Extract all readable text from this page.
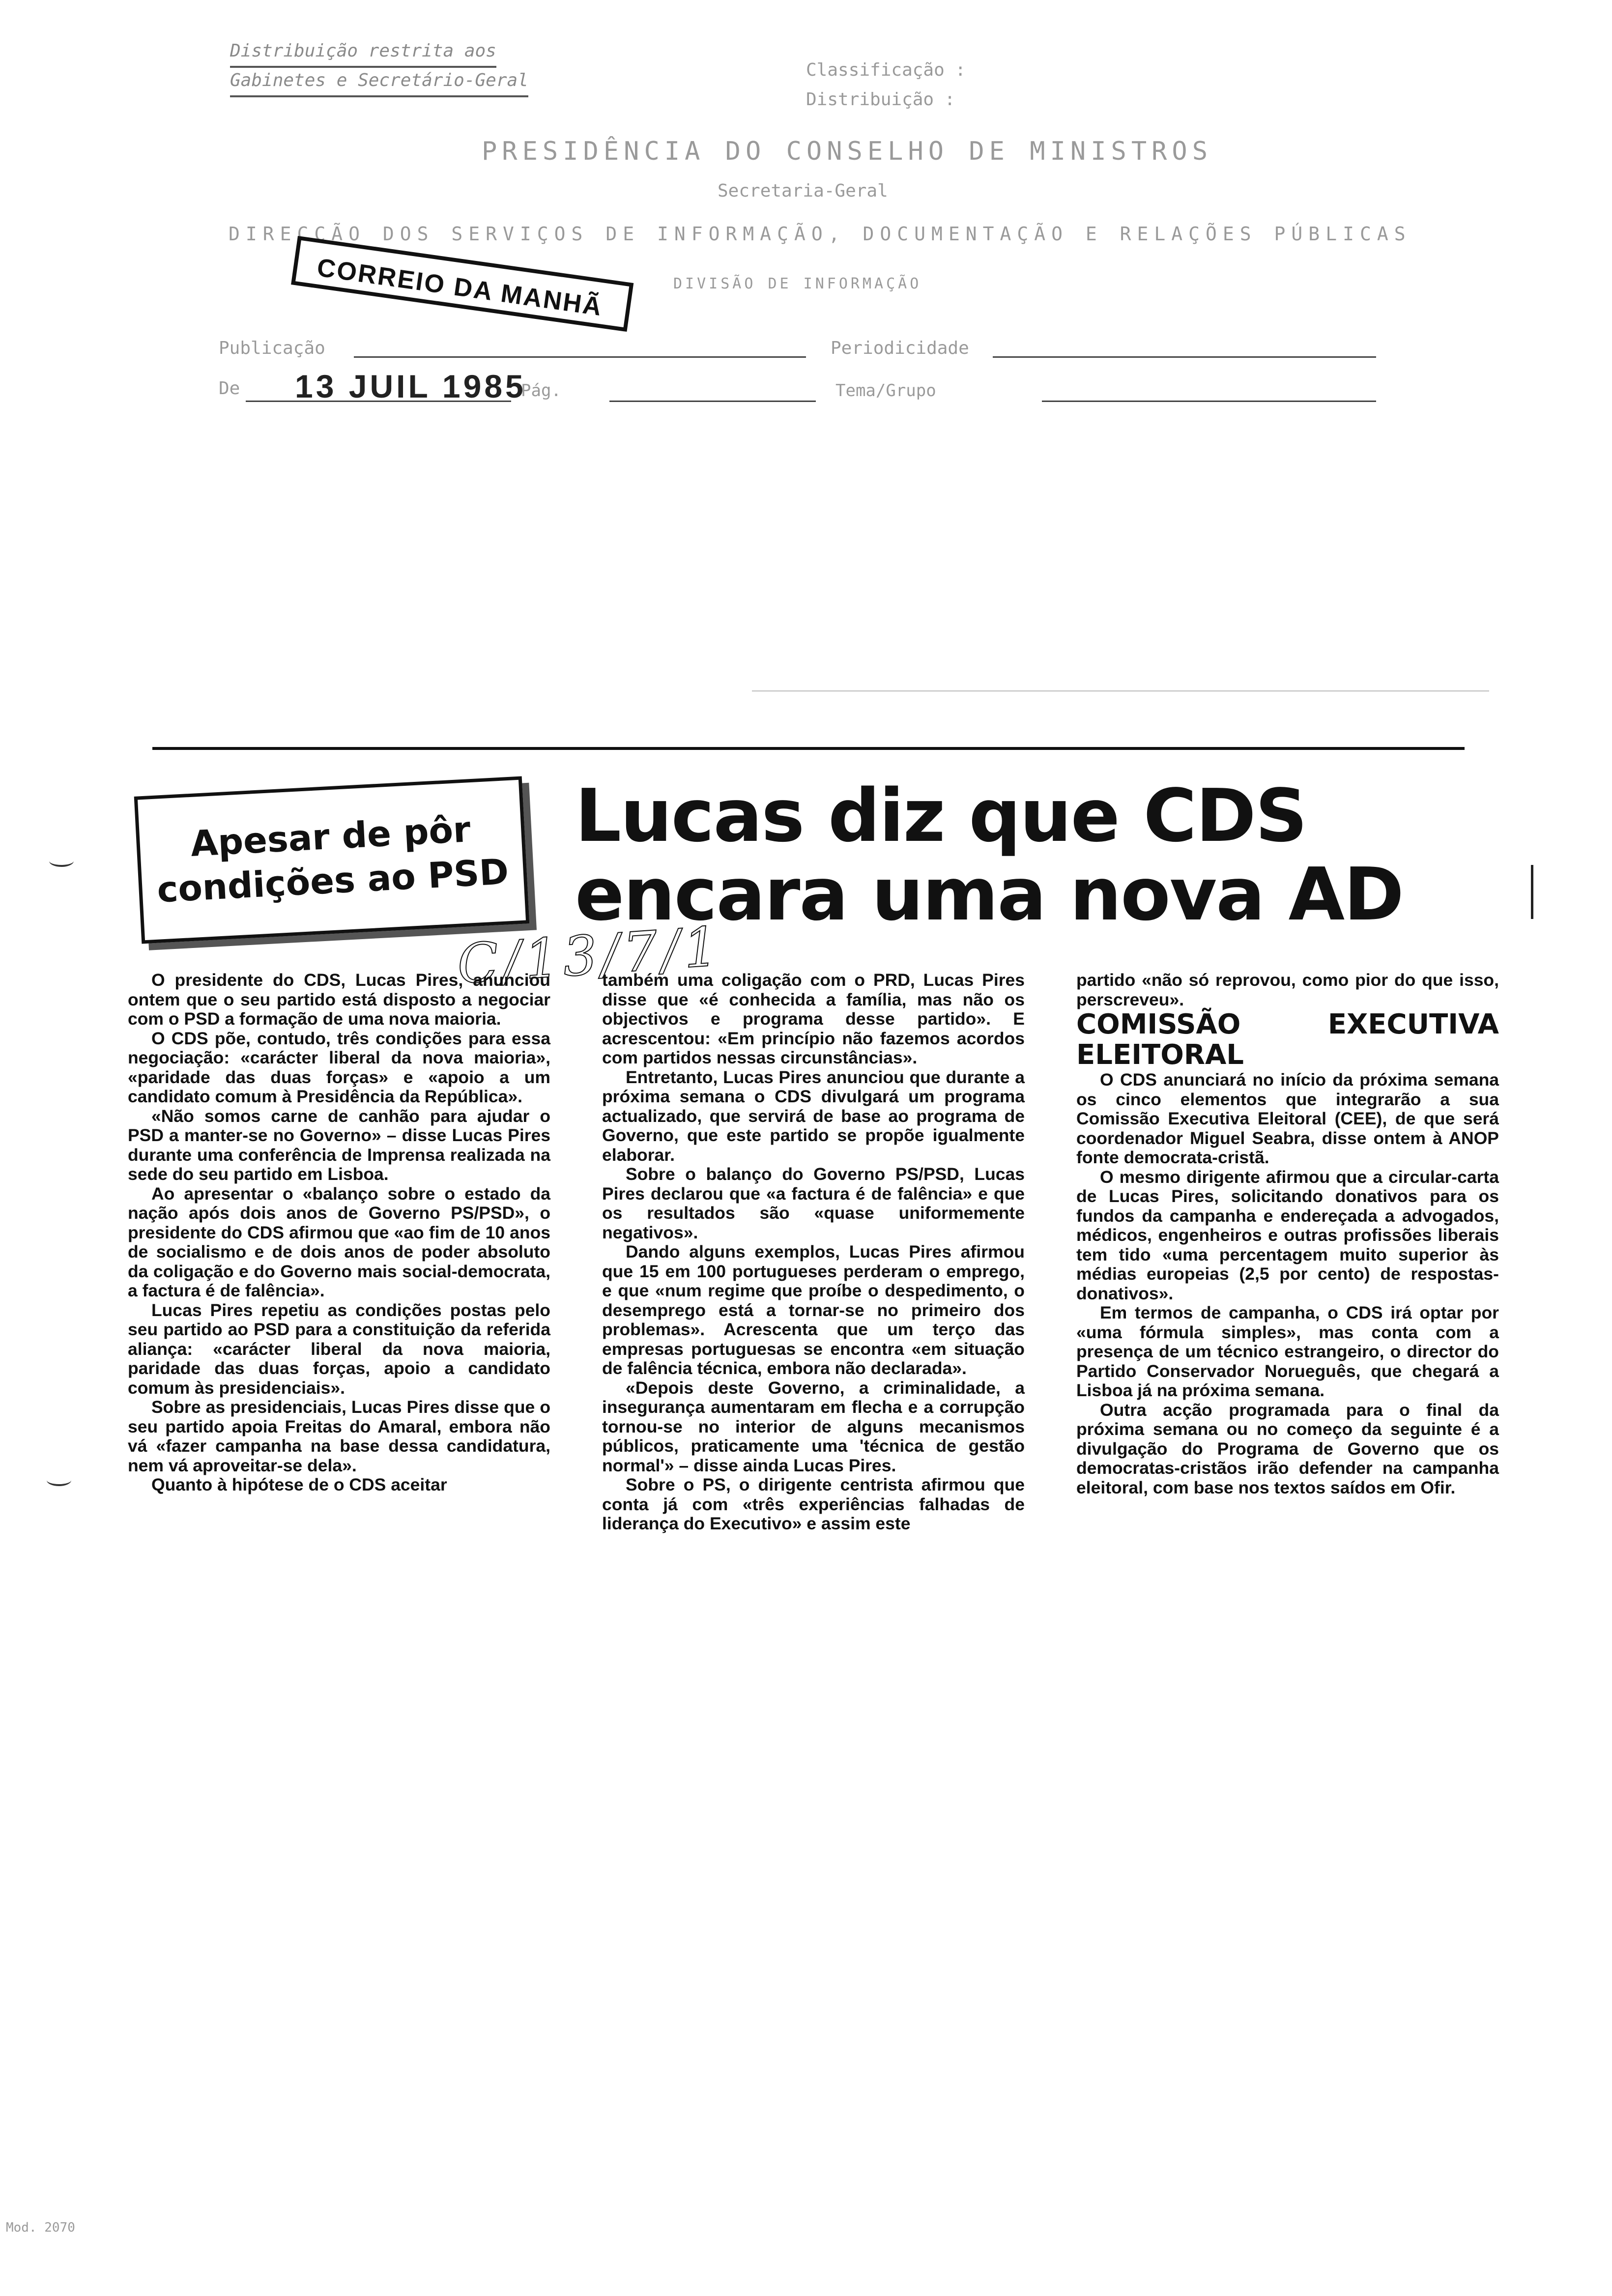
Distribuição restrita aos
Gabinetes e Secretário-Geral
Classificação :
Distribuição :
PRESIDÊNCIA DO CONSELHO DE MINISTROS
Secretaria-Geral
DIRECÇÃO DOS SERVIÇOS DE INFORMAÇÃO, DOCUMENTAÇÃO E RELAÇÕES PÚBLICAS
DIVISÃO DE INFORMAÇÃO
CORREIO DA MANHÃ
Publicação	Periodicidade
De 13 JUIL 1985
Pág.	Tema/Grupo
Apesar de pôr condições ao PSD
Lucas diz que CDS encara uma nova AD
C/13/7/1

O presidente do CDS, Lucas Pires, anunciou ontem que o seu partido está disposto a negociar com o PSD a formação de uma nova maioria.

O CDS põe, contudo, três condições para essa negociação: «carácter liberal da nova maioria», «paridade das duas forças» e «apoio a um candidato comum à Presidência da República».

«Não somos carne de canhão para ajudar o PSD a manter-se no Governo» – disse Lucas Pires durante uma conferência de Imprensa realizada na sede do seu partido em Lisboa.

Ao apresentar o «balanço sobre o estado da nação após dois anos de Governo PS/PSD», o presidente do CDS afirmou que «ao fim de 10 anos de socialismo e de dois anos de poder absoluto da coligação e do Governo mais social-democrata, a factura é de falência».

Lucas Pires repetiu as condições postas pelo seu partido ao PSD para a constituição da referida aliança: «carácter liberal da nova maioria, paridade das duas forças, apoio a candidato comum às presidenciais».

Sobre as presidenciais, Lucas Pires disse que o seu partido apoia Freitas do Amaral, embora não vá «fazer campanha na base dessa candidatura, nem vá aproveitar-se dela».

Quanto à hipótese de o CDS aceitar

também uma coligação com o PRD, Lucas Pires disse que «é conhecida a família, mas não os objectivos e programa desse partido». E acrescentou: «Em princípio não fazemos acordos com partidos nessas circunstâncias».

Entretanto, Lucas Pires anunciou que durante a próxima semana o CDS divulgará um programa actualizado, que servirá de base ao programa de Governo, que este partido se propõe igualmente elaborar.

Sobre o balanço do Governo PS/PSD, Lucas Pires declarou que «a factura é de falência» e que os resultados são «quase uniformemente negativos».

Dando alguns exemplos, Lucas Pires afirmou que 15 em 100 portugueses perderam o emprego, e que «num regime que proíbe o despedimento, o desemprego está a tornar-se no primeiro dos problemas». Acrescenta que um terço das empresas portuguesas se encontra «em situação de falência técnica, embora não declarada».

«Depois deste Governo, a criminalidade, a insegurança aumentaram em flecha e a corrupção tornou-se no interior de alguns mecanismos públicos, praticamente uma 'técnica de gestão normal'» – disse ainda Lucas Pires.

Sobre o PS, o dirigente centrista afirmou que conta já com «três experiências falhadas de liderança do Executivo» e assim este

partido «não só reprovou, como pior do que isso, perscreveu».

COMISSÃO EXECUTIVA ELEITORAL

O CDS anunciará no início da próxima semana os cinco elementos que integrarão a sua Comissão Executiva Eleitoral (CEE), de que será coordenador Miguel Seabra, disse ontem à ANOP fonte democrata-cristã.

O mesmo dirigente afirmou que a circular-carta de Lucas Pires, solicitando donativos para os fundos da campanha e endereçada a advogados, médicos, engenheiros e outras profissões liberais tem tido «uma percentagem muito superior às médias europeias (2,5 por cento) de respostas-donativos».

Em termos de campanha, o CDS irá optar por «uma fórmula simples», mas conta com a presença de um técnico estrangeiro, o director do Partido Conservador Norueguês, que chegará a Lisboa já na próxima semana.

Outra acção programada para o final da próxima semana ou no começo da seguinte é a divulgação do Programa de Governo que os democratas-cristãos irão defender na campanha eleitoral, com base nos textos saídos em Ofir.

Mod. 2070
